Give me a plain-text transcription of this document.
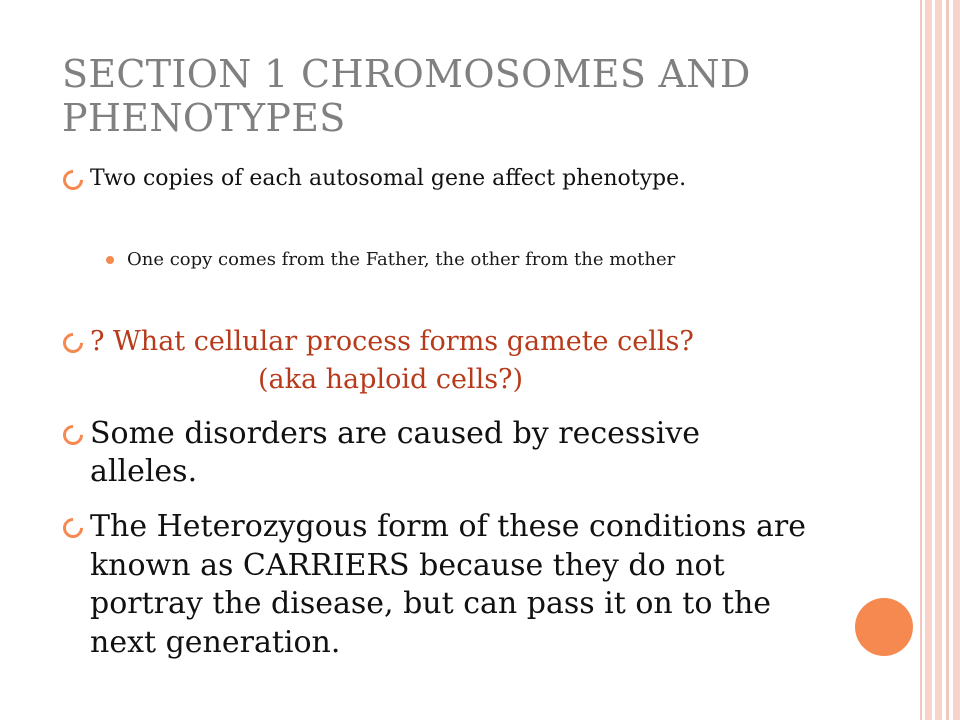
SECTION 1 CHROMOSOMES AND
PHENOTYPES

Two copies of each autosomal gene affect phenotype.

One copy comes from the Father, the other from the mother

? What cellular process forms gamete cells?
(aka haploid cells?)

Some disorders are caused by recessive alleles.

The Heterozygous form of these conditions are known as CARRIERS because they do not portray the disease, but can pass it on to the next generation.
